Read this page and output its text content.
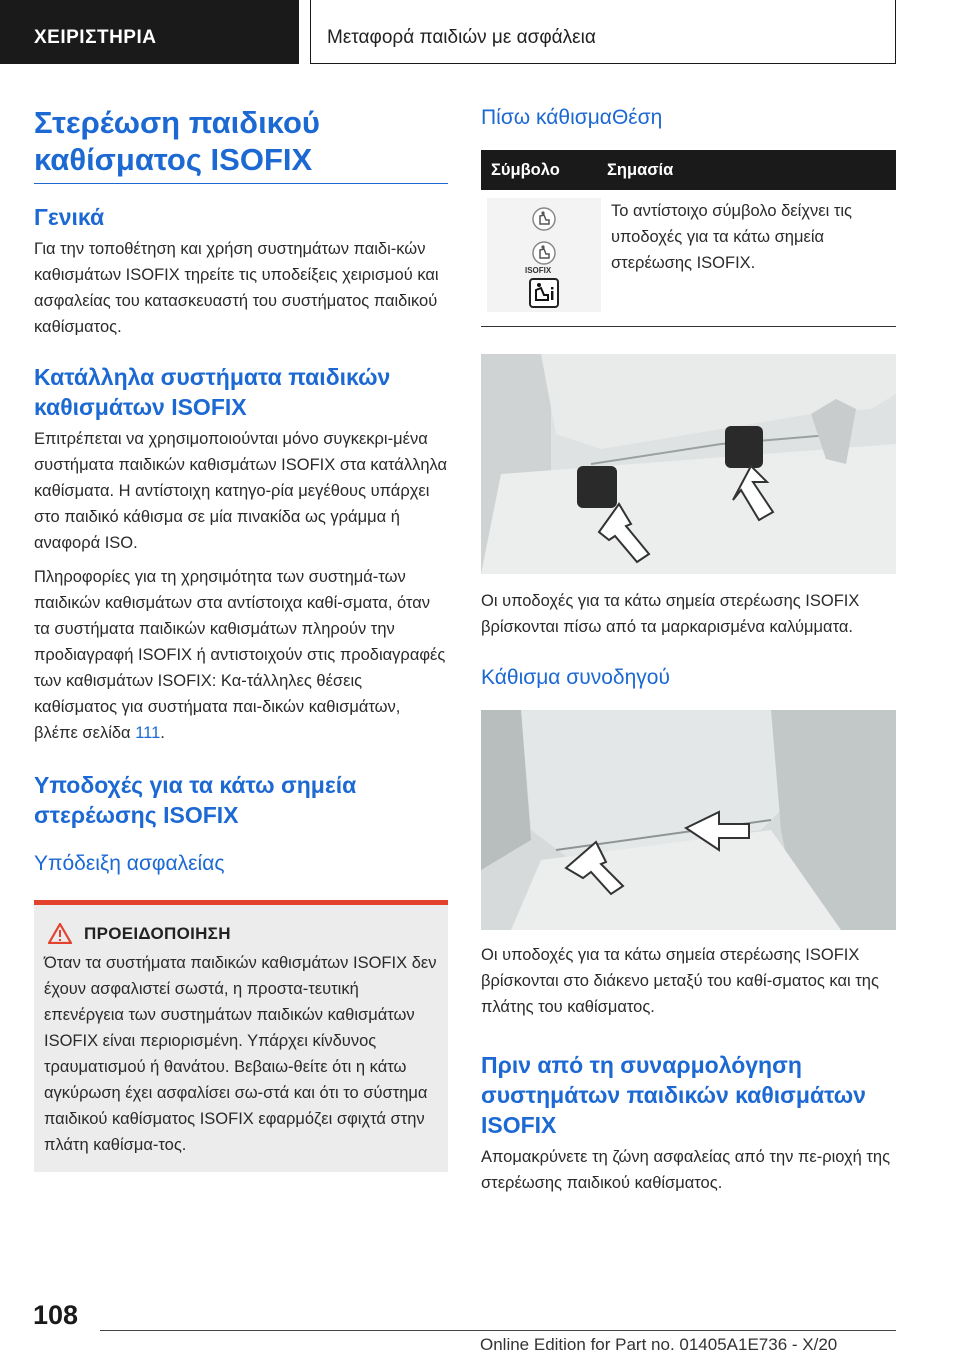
ΧΕΙΡΙΣΤΗΡΙΑ	Μεταφορά παιδιών με ασφάλεια
Στερέωση παιδικού καθίσματος ISOFIX
Γενικά
Για την τοποθέτηση και χρήση συστημάτων παιδι-κών καθισμάτων ISOFIX τηρείτε τις υποδείξεις χειρισμού και ασφαλείας του κατασκευαστή του συστήματος παιδικού καθίσματος.
Κατάλληλα συστήματα παιδικών καθισμάτων ISOFIX
Επιτρέπεται να χρησιμοποιούνται μόνο συγκεκρι-μένα συστήματα παιδικών καθισμάτων ISOFIX στα κατάλληλα καθίσματα. Η αντίστοιχη κατηγο-ρία μεγέθους υπάρχει στο παιδικό κάθισμα σε μία πινακίδα ως γράμμα ή αναφορά ISO.
Πληροφορίες για τη χρησιμότητα των συστημά-των παιδικών καθισμάτων στα αντίστοιχα καθί-σματα, όταν τα συστήματα παιδικών καθισμάτων πληρούν την προδιαγραφή ISOFIX ή αντιστοιχούν στις προδιαγραφές των καθισμάτων ISOFIX: Κα-τάλληλες θέσεις καθίσματος για συστήματα παι-δικών καθισμάτων, βλέπε σελίδα 111.
Υποδοχές για τα κάτω σημεία στερέωσης ISOFIX
Υπόδειξη ασφαλείας
ΠΡΟΕΙΔΟΠΟΙΗΣΗ
Όταν τα συστήματα παιδικών καθισμάτων ISOFIX δεν έχουν ασφαλιστεί σωστά, η προστα-τευτική επενέργεια των συστημάτων παιδικών καθισμάτων ISOFIX είναι περιορισμένη. Υπάρχει κίνδυνος τραυματισμού ή θανάτου. Βεβαιω-θείτε ότι η κάτω αγκύρωση έχει ασφαλίσει σω-στά και ότι το σύστημα παιδικού καθίσματος ISOFIX εφαρμόζει σφιχτά στην πλάτη καθίσμα-τος.
Πίσω κάθισμαΘέση
Σύμβολο	Σημασία
ISOFIX
Το αντίστοιχο σύμβολο δείχνει τις υποδοχές για τα κάτω σημεία στερέωσης ISOFIX.
Οι υποδοχές για τα κάτω σημεία στερέωσης ISOFIX βρίσκονται πίσω από τα μαρκαρισμένα καλύμματα.
Κάθισμα συνοδηγού
Οι υποδοχές για τα κάτω σημεία στερέωσης ISOFIX βρίσκονται στο διάκενο μεταξύ του καθί-σματος και της πλάτης του καθίσματος.
Πριν από τη συναρμολόγηση συστημάτων παιδικών καθισμάτων ISOFIX
Απομακρύνετε τη ζώνη ασφαλείας από την πε-ριοχή της στερέωσης παιδικού καθίσματος.
108
Online Edition for Part no. 01405A1E736 - X/20
